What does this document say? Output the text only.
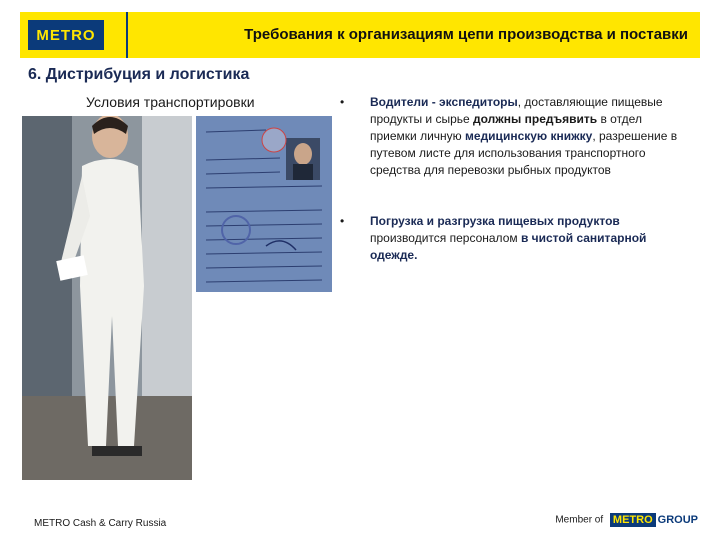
METRO	Требования к организациям цепи производства и поставки
6. Дистрибуция и логистика
Условия транспортировки	• Водители - экспедиторы, доставляющие пищевые продукты и сырье должны предъявить в отдел приемки личную медицинскую книжку, разрешение в путевом листе для использования транспортного средства для перевозки рыбных продуктов
• Погрузка и разгрузка пищевых продуктов производится персоналом в чистой санитарной одежде.
METRO Cash & Carry Russia	Member of METRO GROUP
